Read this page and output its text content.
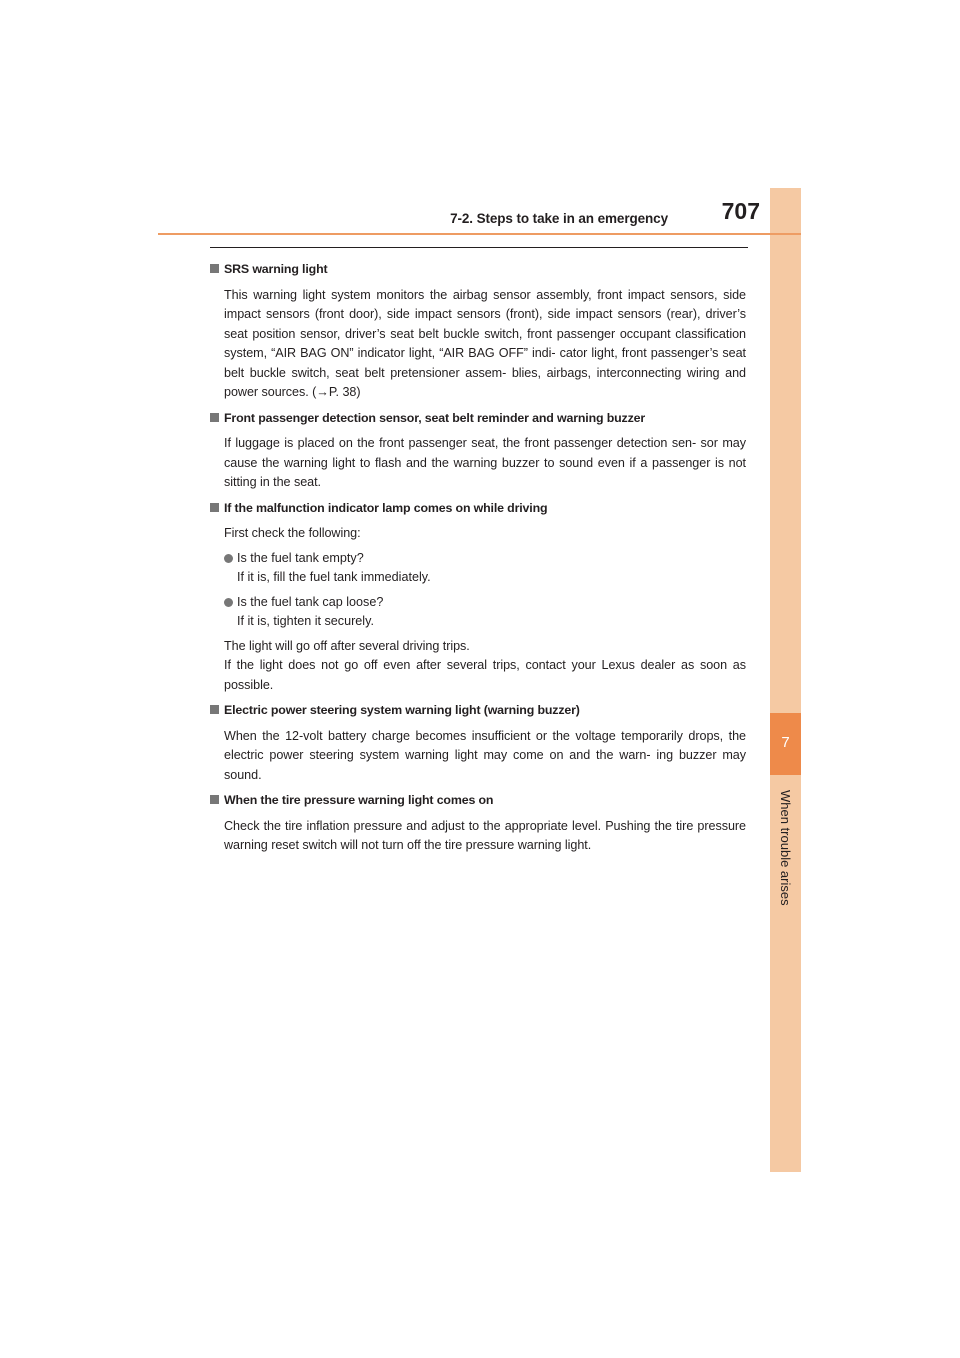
7
When trouble arises
7-2. Steps to take in an emergency 707
SRS warning light
This warning light system monitors the airbag sensor assembly, front impact sensors, side impact sensors (front door), side impact sensors (front), side impact sensors (rear), driver’s seat position sensor, driver’s seat belt buckle switch, front passenger occupant classification system, “AIR BAG ON” indicator light, “AIR BAG OFF” indi- cator light, front passenger’s seat belt buckle switch, seat belt pretensioner assem- blies, airbags, interconnecting wiring and power sources. (→P. 38)
Front passenger detection sensor, seat belt reminder and warning buzzer
If luggage is placed on the front passenger seat, the front passenger detection sen- sor may cause the warning light to flash and the warning buzzer to sound even if a passenger is not sitting in the seat.
If the malfunction indicator lamp comes on while driving
First check the following:
Is the fuel tank empty?
If it is, fill the fuel tank immediately.
Is the fuel tank cap loose?
If it is, tighten it securely.
The light will go off after several driving trips.
If the light does not go off even after several trips, contact your Lexus dealer as soon as possible.
Electric power steering system warning light (warning buzzer)
When the 12-volt battery charge becomes insufficient or the voltage temporarily drops, the electric power steering system warning light may come on and the warn- ing buzzer may sound.
When the tire pressure warning light comes on
Check the tire inflation pressure and adjust to the appropriate level. Pushing the tire pressure warning reset switch will not turn off the tire pressure warning light.
